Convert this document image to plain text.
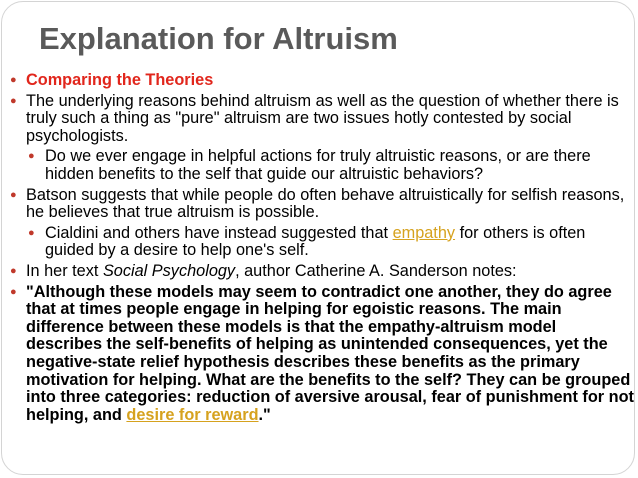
Explanation for Altruism

● Comparing the Theories

● The underlying reasons behind altruism as well as the question of whether there is truly such a thing as "pure" altruism are two issues hotly contested by social psychologists.

● Do we ever engage in helpful actions for truly altruistic reasons, or are there hidden benefits to the self that guide our altruistic behaviors?

● Batson suggests that while people do often behave altruistically for selfish reasons, he believes that true altruism is possible.

● Cialdini and others have instead suggested that empathy for others is often guided by a desire to help one's self.

● In her text Social Psychology, author Catherine A. Sanderson notes:

● "Although these models may seem to contradict one another, they do agree that at times people engage in helping for egoistic reasons. The main difference between these models is that the empathy-altruism model describes the self-benefits of helping as unintended consequences, yet the negative-state relief hypothesis describes these benefits as the primary motivation for helping. What are the benefits to the self? They can be grouped into three categories: reduction of aversive arousal, fear of punishment for not helping, and desire for reward."
